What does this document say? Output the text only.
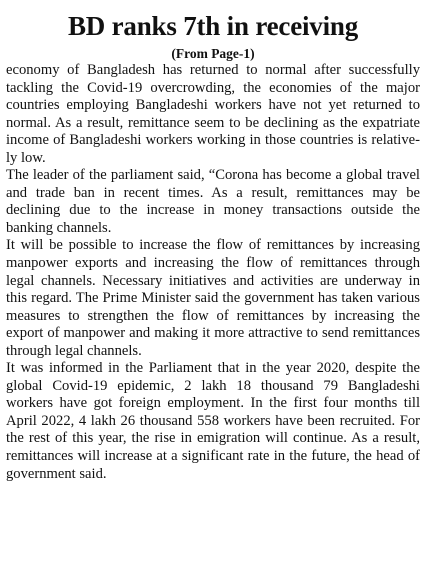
BD ranks 7th in receiving
(From Page-1)

economy of Bangladesh has returned to normal after successfully tackling the Covid-19 overcrowding, the economies of the major countries employing Bangladeshi workers have not yet returned to normal. As a result, remittance seem to be declining as the expatriate income of Bangladeshi workers working in those countries is relatively low.

The leader of the parliament said, “Corona has become a global travel and trade ban in recent times. As a result, remittances may be declining due to the increase in money transactions outside the banking channels.

It will be possible to increase the flow of remittances by increasing manpower exports and increasing the flow of remittances through legal channels. Necessary initiatives and activities are underway in this regard. The Prime Minister said the government has taken various measures to strengthen the flow of remittances by increasing the export of manpower and making it more attractive to send remittances through legal channels.

It was informed in the Parliament that in the year 2020, despite the global Covid-19 epidemic, 2 lakh 18 thousand 79 Bangladeshi workers have got foreign employment. In the first four months till April 2022, 4 lakh 26 thousand 558 workers have been recruited. For the rest of this year, the rise in emigration will continue. As a result, remittances will increase at a significant rate in the future, the head of government said.
